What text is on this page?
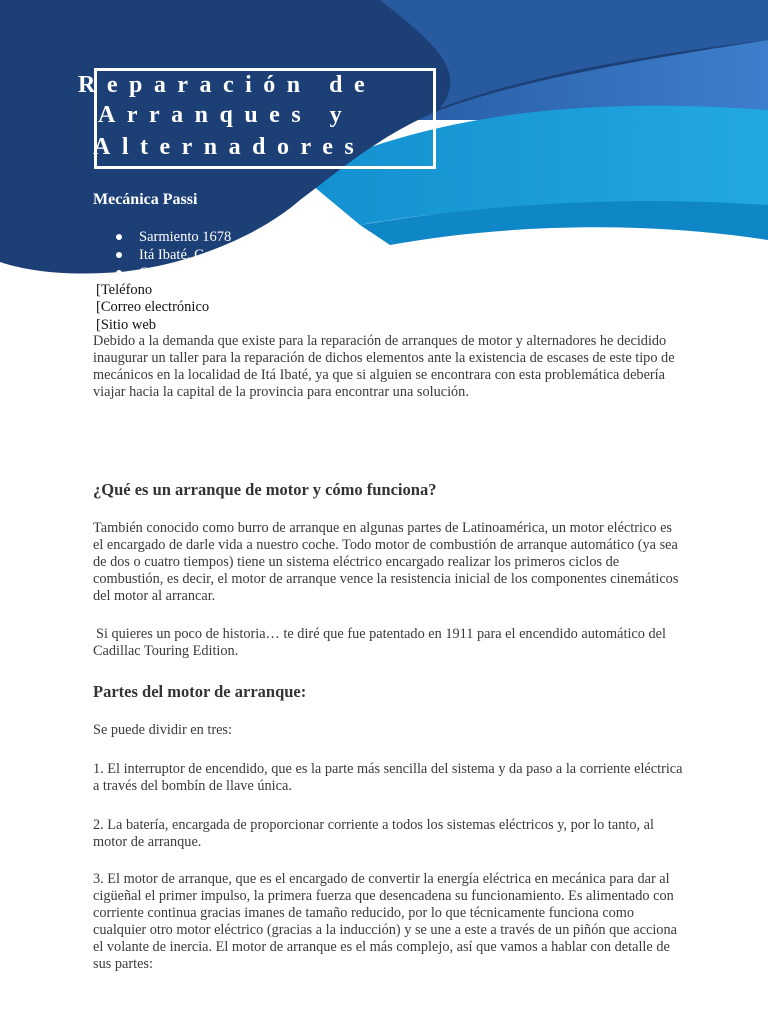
Reparación de
Arranques y
Alternadores
Mecánica Passi
Sarmiento 1678
Itá Ibaté, Corrientes
CP: 3480
[Teléfono
[Correo electrónico
[Sitio web

Debido a la demanda que existe para la reparación de arranques de motor y alternadores he decidido inaugurar un taller para la reparación de dichos elementos ante la existencia de escases de este tipo de mecánicos en la localidad de Itá Ibaté, ya que si alguien se encontrara con esta problemática debería viajar hacia la capital de la provincia para encontrar una solución.

¿Qué es un arranque de motor y cómo funciona?

También conocido como burro de arranque en algunas partes de Latinoamérica, un motor eléctrico es el encargado de darle vida a nuestro coche. Todo motor de combustión de arranque automático (ya sea de dos o cuatro tiempos) tiene un sistema eléctrico encargado realizar los primeros ciclos de combustión, es decir, el motor de arranque vence la resistencia inicial de los componentes cinemáticos del motor al arrancar.

Si quieres un poco de historia… te diré que fue patentado en 1911 para el encendido automático del Cadillac Touring Edition.

Partes del motor de arranque:

Se puede dividir en tres:

1. El interruptor de encendido, que es la parte más sencilla del sistema y da paso a la corriente eléctrica a través del bombín de llave única.

2. La batería, encargada de proporcionar corriente a todos los sistemas eléctricos y, por lo tanto, al motor de arranque.

3. El motor de arranque, que es el encargado de convertir la energía eléctrica en mecánica para dar al cigüeñal el primer impulso, la primera fuerza que desencadena su funcionamiento. Es alimentado con corriente continua gracias imanes de tamaño reducido, por lo que técnicamente funciona como cualquier otro motor eléctrico (gracias a la inducción) y se une a este a través de un piñón que acciona el volante de inercia. El motor de arranque es el más complejo, así que vamos a hablar con detalle de sus partes:
